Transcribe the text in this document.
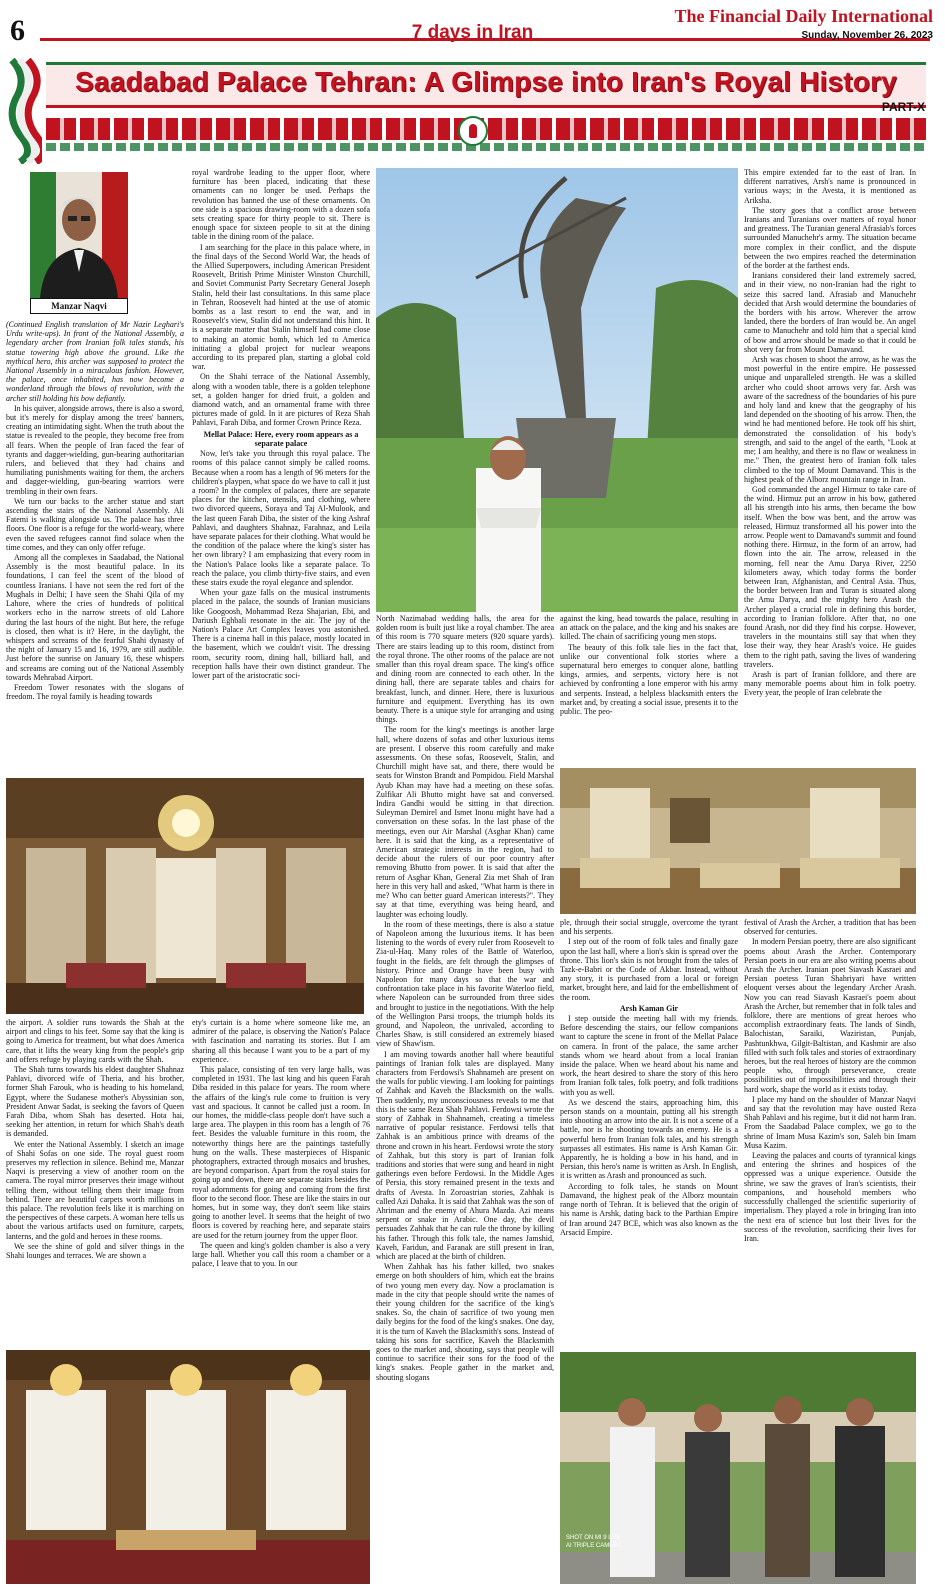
6	7 days in Iran
The Financial Daily International
Sunday, November 26, 2023
Saadabad Palace Tehran: A Glimpse into Iran's Royal History
PART-X
Manzar Naqvi

(Continued English translation of Mr Nazir Leghari's Urdu write-ups). In front of the National Assembly, a legendary archer from Iranian folk tales stands, his statue towering high above the ground. Like the mythical hero, this archer was supposed to protect the National Assembly in a miraculous fashion. However, the palace, once inhabited, has now become a wonderland through the blows of revolution, with the archer still holding his bow defiantly.

In his quiver, alongside arrows, there is also a sword, but it's merely for display among the trees' banners, creating an intimidating sight. When the truth about the statue is revealed to the people, they become free from all fears. When the people of Iran faced the fear of tyrants and dagger-wielding, gun-bearing authoritarian rulers, and believed that they had chains and humiliating punishments waiting for them, the archers and dagger-wielding, gun-bearing warriors were trembling in their own fears.

We turn our backs to the archer statue and start ascending the stairs of the National Assembly. Ali Fatemi is walking alongside us. The palace has three floors. One floor is a refuge for the world-weary, where even the saved refugees cannot find solace when the time comes, and they can only offer refuge.

Among all the complexes in Saadabad, the National Assembly is the most beautiful palace. In its foundations, I can feel the scent of the blood of countless Iranians. I have not seen the red fort of the Mughals in Delhi; I have seen the Shahi Qila of my Lahore, where the cries of hundreds of political workers echo in the narrow streets of old Lahore during the last hours of the night. But here, the refuge is closed, then what is it? Here, in the daylight, the whispers and screams of the fearful Shahi dynasty of the night of January 15 and 16, 1979, are still audible. Just before the sunrise on January 16, these whispers and screams are coming out of the National Assembly towards Mehrabad Airport.

Freedom Tower resonates with the slogans of freedom. The royal family is heading towards

royal wardrobe leading to the upper floor, where furniture has been placed, indicating that these ornaments can no longer be used. Perhaps the revolution has banned the use of these ornaments. On one side is a spacious drawing-room with a dozen sofa sets creating space for thirty people to sit. There is enough space for sixteen people to sit at the dining table in the dining room of the palace.

I am searching for the place in this palace where, in the final days of the Second World War, the heads of the Allied Superpowers, including American President Roosevelt, British Prime Minister Winston Churchill, and Soviet Communist Party Secretary General Joseph Stalin, held their last consultations. In this same place in Tehran, Roosevelt had hinted at the use of atomic bombs as a last resort to end the war, and in Roosevelt's view, Stalin did not understand this hint. It is a separate matter that Stalin himself had come close to making an atomic bomb, which led to America initiating a global project for nuclear weapons according to its prepared plan, starting a global cold war.

On the Shahi terrace of the National Assembly, along with a wooden table, there is a golden telephone set, a golden hanger for dried fruit, a golden and diamond watch, and an ornamental frame with three pictures made of gold. In it are pictures of Reza Shah Pahlavi, Farah Diba, and former Crown Prince Reza.

Mellat Palace: Here, every room appears as a separate palace

Now, let's take you through this royal palace. The rooms of this palace cannot simply be called rooms. Because when a room has a length of 96 meters for the children's playpen, what space do we have to call it just a room? In the complex of palaces, there are separate places for the kitchen, utensils, and clothing, where two divorced queens, Soraya and Taj Al-Mulook, and the last queen Farah Diba, the sister of the king Ashraf Pahlavi, and daughters Shahnaz, Farahnaz, and Leila have separate palaces for their clothing. What would be the condition of the palace where the king's sister has her own library? I am emphasizing that every room in the Nation's Palace looks like a separate palace. To reach the palace, you climb thirty-five stairs, and even these stairs exude the royal elegance and splendor.

When your gaze falls on the musical instruments placed in the palace, the sounds of Iranian musicians like Googoosh, Mohammad Reza Shajarian, Ebi, and Dariush Eghbali resonate in the air. The joy of the Nation's Palace Art Complex leaves you astonished. There is a cinema hall in this palace, mostly located in the basement, which we couldn't visit. The dressing room, security room, dining hall, billiard hall, and reception halls have their own distinct grandeur. The lower part of the aristocratic soci-

This empire extended far to the east of Iran. In different narratives, Arsh's name is pronounced in various ways; in the Avesta, it is mentioned as Ariksha.

The story goes that a conflict arose between Iranians and Turanians over matters of royal honor and greatness. The Turanian general Afrasiab's forces surrounded Manuchehr's army. The situation became more complex in their conflict, and the dispute between the two empires reached the determination of the border at the farthest ends.

Iranians considered their land extremely sacred, and in their view, no non-Iranian had the right to seize this sacred land. Afrasiab and Manuchehr decided that Arsh would determine the boundaries of the borders with his arrow. Wherever the arrow landed, there the borders of Iran would be. An angel came to Manuchehr and told him that a special kind of bow and arrow should be made so that it could be shot very far from Mount Damavand.

Arsh was chosen to shoot the arrow, as he was the most powerful in the entire empire. He possessed unique and unparalleled strength. He was a skilled archer who could shoot arrows very far. Arsh was aware of the sacredness of the boundaries of his pure and holy land and knew that the geography of his land depended on the shooting of his arrow. Then, the wind he had mentioned before. He took off his shirt, demonstrated the consolidation of his body's strength, and said to the angel of the earth, "Look at me; I am healthy, and there is no flaw or weakness in me." Then, the greatest hero of Iranian folk tales climbed to the top of Mount Damavand. This is the highest peak of the Alborz mountain range in Iran.

God commanded the angel Hirmuz to take care of the wind. Hirmuz put an arrow in his bow, gathered all his strength into his arms, then became the bow itself. When the bow was bent, and the arrow was released, Hirmuz transformed all his power into the arrow. People went to Damavand's summit and found nothing there. Hirmuz, in the form of an arrow, had flown into the air. The arrow, released in the morning, fell near the Amu Darya River, 2250 kilometers away, which today forms the border between Iran, Afghanistan, and Central Asia. Thus, the border between Iran and Turan is situated along the Amu Darya, and the mighty hero Arash the Archer played a crucial role in defining this border, according to Iranian folklore. After that, no one found Arash, nor did they find his corpse. However, travelers in the mountains still say that when they lose their way, they hear Arash's voice. He guides them to the right path, saving the lives of wandering travelers.

Arash is part of Iranian folklore, and there are many memorable poems about him in folk poetry. Every year, the people of Iran celebrate the

North Nazimabad wedding halls, the area for the golden room is built just like a royal chamber. The area of this room is 770 square meters (920 square yards). There are stairs leading up to this room, distinct from the royal throne. The other rooms of the palace are not smaller than this royal dream space. The king's office and dining room are connected to each other. In the dining hall, there are separate tables and chairs for breakfast, lunch, and dinner. Here, there is luxurious furniture and equipment. Everything has its own beauty. There is a unique style for arranging and using things.

The room for the king's meetings is another large hall, where dozens of sofas and other luxurious items are present. I observe this room carefully and make assessments. On these sofas, Roosevelt, Stalin, and Churchill might have sat, and there, there would be seats for Winston Brandt and Pompidou. Field Marshal Ayub Khan may have had a meeting on these sofas. Zulfikar Ali Bhutto might have sat and conversed. Indira Gandhi would be sitting in that direction. Suleyman Demirel and Ismet Inonu might have had a conversation on these sofas. In the last phase of the meetings, even our Air Marshal (Asghar Khan) came here. It is said that the king, as a representative of American strategic interests in the region, had to decide about the rulers of our poor country after removing Bhutto from power. It is said that after the return of Asghar Khan, General Zia met Shah of Iran here in this very hall and asked, "What harm is there in me? Who can better guard American interests?". They say at that time, everything was being heard, and laughter was echoing loudly.

In the room of these meetings, there is also a statue of Napoleon among the luxurious items. It has been listening to the words of every ruler from Roosevelt to Zia-ul-Haq. Many roles of the Battle of Waterloo, fought in the fields, are felt through the glimpses of history. Prince and Orange have been busy with Napoleon for many days so that the war and confrontation take place in his favorite Waterloo field, where Napoleon can be surrounded from three sides and brought to justice in the negotiations. With the help of the Wellington Parsi troops, the triumph holds its ground, and Napoleon, the unrivaled, according to Charles Shaw, is still considered an extremely biased view of Shaw'ism.

I am moving towards another hall where beautiful paintings of Iranian folk tales are displayed. Many characters from Ferdowsi's Shahnameh are present on the walls for public viewing. I am looking for paintings of Zahhak and Kaveh the Blacksmith on the walls. Then suddenly, my unconsciousness reveals to me that this is the same Reza Shah Pahlavi. Ferdowsi wrote the story of Zahhak in Shahnameh, creating a timeless narrative of popular resistance. Ferdowsi tells that Zahhak is an ambitious prince with dreams of the throne and crown in his heart. Ferdowsi wrote the story of Zahhak, but this story is part of Iranian folk traditions and stories that were sung and heard in night gatherings even before Ferdowsi. In the Middle Ages of Persia, this story remained present in the texts and drafts of Avesta. In Zoroastrian stories, Zahhak is called Azi Dahaka. It is said that Zahhak was the son of Ahriman and the enemy of Ahura Mazda. Azi means serpent or snake in Arabic. One day, the devil persuades Zahhak that he can rule the throne by killing his father. Through this folk tale, the names Jamshid, Kaveh, Faridun, and Faranak are still present in Iran, which are placed at the birth of children.

When Zahhak has his father killed, two snakes emerge on both shoulders of him, which eat the brains of two young men every day. Now a proclamation is made in the city that people should write the names of their young children for the sacrifice of the king's snakes. So, the chain of sacrifice of two young men daily begins for the food of the king's snakes. One day, it is the turn of Kaveh the Blacksmith's sons. Instead of taking his sons for sacrifice, Kaveh the Blacksmith goes to the market and, shouting, says that people will continue to sacrifice their sons for the food of the king's snakes. People gather in the market and, shouting slogans

against the king, head towards the palace, resulting in an attack on the palace, and the king and his snakes are killed. The chain of sacrificing young men stops.

The beauty of this folk tale lies in the fact that, unlike our conventional folk stories where a supernatural hero emerges to conquer alone, battling kings, armies, and serpents, victory here is not achieved by confronting a lone emperor with his army and serpents. Instead, a helpless blacksmith enters the market and, by creating a social issue, presents it to the public. The peo-

the airport. A soldier runs towards the Shah at the airport and clings to his feet. Some say that the king is going to America for treatment, but what does America care, that it lifts the weary king from the people's grip and offers refuge by playing cards with the Shah.

The Shah turns towards his eldest daughter Shahnaz Pahlavi, divorced wife of Theria, and his brother, former Shah Farouk, who is heading to his homeland, Egypt, where the Sudanese mother's Abyssinian son, President Anwar Sadat, is seeking the favors of Queen Farah Diba, whom Shah has deserted. Hota hai, seeking her attention, in return for which Shah's death is demanded.

We enter the National Assembly. I sketch an image of Shahi Sofas on one side. The royal guest room preserves my reflection in silence. Behind me, Manzar Naqvi is preserving a view of another room on the camera. The royal mirror preserves their image without telling them, without telling them their image from behind. There are beautiful carpets worth millions in this palace. The revolution feels like it is marching on the perspectives of these carpets. A woman here tells us about the various artifacts used on furniture, carpets, lanterns, and the gold and heroes in these rooms.

We see the shine of gold and silver things in the Shahi lounges and terraces. We are shown a

ety's curtain is a home where someone like me, an admirer of the palace, is observing the Nation's Palace with fascination and narrating its stories. But I am sharing all this because I want you to be a part of my experience.

This palace, consisting of ten very large halls, was completed in 1931. The last king and his queen Farah Diba resided in this palace for years. The room where the affairs of the king's rule come to fruition is very vast and spacious. It cannot be called just a room. In our homes, the middle-class people don't have such a large area. The playpen in this room has a length of 76 feet. Besides the valuable furniture in this room, the noteworthy things here are the paintings tastefully hung on the walls. These masterpieces of Hispanic photographers, extracted through mosaics and brushes, are beyond comparison. Apart from the royal stairs for going up and down, there are separate stairs besides the royal adornments for going and coming from the first floor to the second floor. These are like the stairs in our homes, but in some way, they don't seem like stairs going to another level. It seems that the height of two floors is covered by reaching here, and separate stairs are used for the return journey from the upper floor.

The queen and king's golden chamber is also a very large hall. Whether you call this room a chamber or a palace, I leave that to you. In our

ple, through their social struggle, overcome the tyrant and his serpents.

I step out of the room of folk tales and finally gaze upon the last hall, where a lion's skin is spread over the throne. This lion's skin is not brought from the tales of Tazk-e-Babri or the Code of Akbar. Instead, without any story, it is purchased from a local or foreign market, brought here, and laid for the embellishment of the room.

Arsh Kaman Gir

I step outside the meeting hall with my friends. Before descending the stairs, our fellow companions want to capture the scene in front of the Mellat Palace on camera. In front of the palace, the same archer stands whom we heard about from a local Iranian inside the palace. When we heard about his name and work, the heart desired to share the story of this hero from Iranian folk tales, folk poetry, and folk traditions with you as well.

As we descend the stairs, approaching him, this person stands on a mountain, putting all his strength into shooting an arrow into the air. It is not a scene of a battle, nor is he shooting towards an enemy. He is a powerful hero from Iranian folk tales, and his strength surpasses all estimates. His name is Arsh Kaman Gir. Apparently, he is holding a bow in his hand, and in Persian, this hero's name is written as Arsh. In English, it is written as Arash and pronounced as such.

According to folk tales, he stands on Mount Damavand, the highest peak of the Alborz mountain range north of Tehran. It is believed that the origin of his name is Arshk, dating back to the Parthian Empire of Iran around 247 BCE, which was also known as the Arsacid Empire.

festival of Arash the Archer, a tradition that has been observed for centuries.

In modern Persian poetry, there are also significant poems about Arash the Archer. Contemporary Persian poets in our era are also writing poems about Arash the Archer. Iranian poet Siavash Kasraei and Persian poetess Turan Shahriyari have written eloquent verses about the legendary Archer Arash. Now you can read Siavash Kasraei's poem about Arash the Archer, but remember that in folk tales and folklore, there are mentions of great heroes who accomplish extraordinary feats. The lands of Sindh, Balochistan, Saraiki, Waziristan, Punjab, Pashtunkhwa, Gilgit-Baltistan, and Kashmir are also filled with such folk tales and stories of extraordinary heroes, but the real heroes of history are the common people who, through perseverance, create possibilities out of impossibilities and through their hard work, shape the world as it exists today.

I place my hand on the shoulder of Manzar Naqvi and say that the revolution may have ousted Reza Shah Pahlavi and his regime, but it did not harm Iran. From the Saadabad Palace complex, we go to the shrine of Imam Musa Kazim's son, Saleh bin Imam Musa Kazim.

Leaving the palaces and courts of tyrannical kings and entering the shrines and hospices of the oppressed was a unique experience. Outside the shrine, we saw the graves of Iran's scientists, their companions, and household members who successfully challenged the scientific superiority of imperialism. They played a role in bringing Iran into the next era of science but lost their lives for the success of the revolution, sacrificing their lives for Iran.

SHOT ON MI 9 LITE
AI TRIPLE CAMERA
